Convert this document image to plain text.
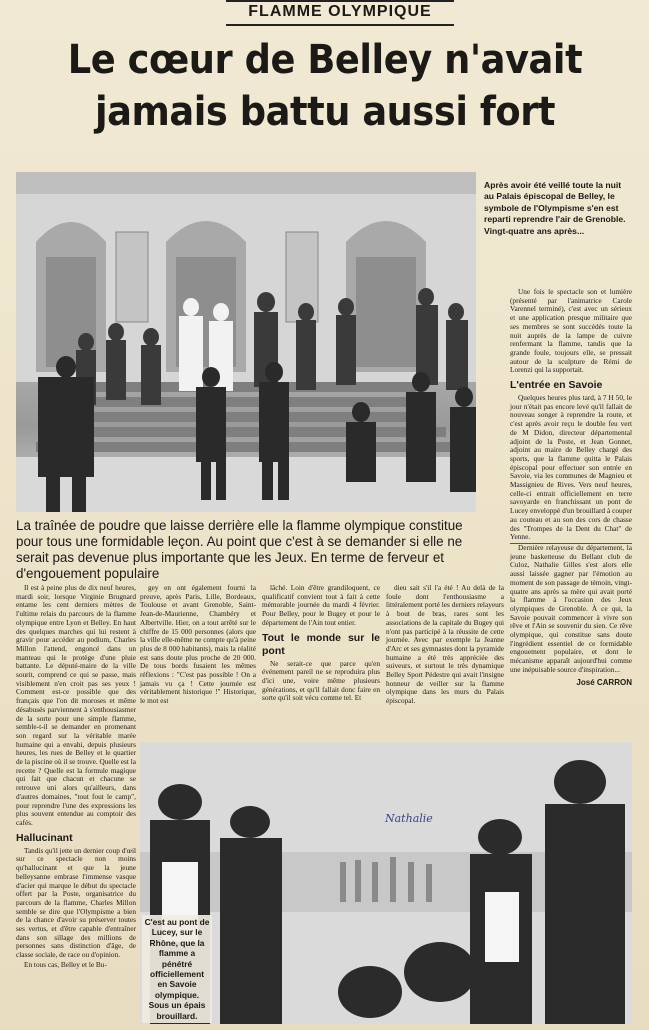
FLAMME OLYMPIQUE
Le cœur de Belley n'avait jamais battu aussi fort
Après avoir été veillé toute la nuit au Palais épiscopal de Belley, le symbole de l'Olympisme s'en est reparti reprendre l'air de Grenoble. Vingt-quatre ans après...
La traînée de poudre que laisse derrière elle la flamme olympique constitue pour tous une formidable leçon. Au point que c'est à se demander si elle ne serait pas devenue plus importante que les Jeux. En terme de ferveur et d'engouement populaire

Il est à peine plus de dix neuf heures, mardi soir, lorsque Virginie Brugnard entame les cent derniers mètres de l'ultime relais du parcours de la flamme olympique entre Lyon et Belley. En haut des quelques marches qui lui restent à gravir pour accéder au podium, Charles Millon l'attend, engoncé dans un manteau qui le protège d'une pluie battante. Le député-maire de la ville sourit, comprend ce qui se passe, mais visiblement n'en croit pas ses yeux ! Comment est-ce possible que des français que l'on dit moroses et même désabusés parviennent à s'enthousiasmer de la sorte pour une simple flamme, semble-t-il se demander en promenant son regard sur la véritable marée humaine qui a envahi, depuis plusieurs heures, les rues de Belley et le quartier de la piscine où il se trouve. Quelle est la recette ? Quelle est la formule magique qui fait que chacun et chacune se retrouve uni alors qu'ailleurs, dans d'autres domaines, "tout fout le camp", pour reprendre l'une des expressions les plus souvent entendue au comptoir des cafés.

Hallucinant

Tandis qu'il jette un dernier coup d'œil sur ce spectacle non moins qu'hallucinant et que la jeune belleysanne embrase l'immense vasque d'acier qui marque le début du spectacle offert par la Poste, organisatrice du parcours de la flamme, Charles Millon semble se dire que l'Olympisme a bien de la chance d'avoir su préserver toutes ses vertus, et d'être capable d'entraîner dans son sillage des millions de personnes sans distinction d'âge, de classe sociale, de race ou d'opinion.

En tous cas, Belley et le Bu-

gey en ont également fourni la preuve, après Paris, Lille, Bordeaux, Toulouse et avant Grenoble, Saint-Jean-de-Maurienne, Chambéry et Albertville. Hier, on a tout arrêté sur le chiffre de 15 000 personnes (alors que la ville elle-même ne compte qu'à peine plus de 8 000 habitants), mais la réalité est sans doute plus proche de 20 000. De tous bords fusaient les mêmes réflexions : "C'est pas possible ! On a jamais vu ça ! Cette journée est véritablement historique !" Historique, le mot est

lâché. Loin d'être grandiloquent, ce qualificatif convient tout à fait à cette mémorable journée du mardi 4 février. Pour Belley, pour le Bugey et pour le département de l'Ain tout entier.

Tout le monde sur le pont

Ne serait-ce que parce qu'en événement pareil ne se reproduira plus d'ici une, voire même plusieurs générations, et qu'il fallait donc faire en sorte qu'il soit vécu comme tel. Et

dieu sait s'il l'a été ! Au delà de la foule dont l'enthousiasme a littéralement porté les derniers relayeurs à bout de bras, rares sont les associations de la capitale du Bugey qui n'ont pas participé à la réussite de cette journée. Avec par exemple la Jeanne d'Arc et ses gymnastes dont la pyramide humaine a été très appréciée des suiveurs, et surtout le très dynamique Belley Sport Pédestre qui avait l'insigne honneur de veiller sur la flamme olympique dans les murs du Palais épiscopal.

Une fois le spectacle son et lumière (présenté par l'animatrice Carole Varennel terminé), c'est avec un sérieux et une application presque militaire que ses membres se sont succédés toute la nuit auprès de la lampe de cuivre renfermant la flamme, tandis que la grande foule, toujours elle, se pressait autour de la sculpture de Rémi de Lorenzi qui la supportait.

L'entrée en Savoie

Quelques heures plus tard, à 7 H 50, le jour n'était pas encore levé qu'il fallait de nouveau songer à reprendre la route, et c'est après avoir reçu le double feu vert de M Didon, directeur départemental adjoint de la Poste, et Jean Gonnet, adjoint au maire de Belley chargé des sports, que la flamme quitta le Palais épiscopal pour effectuer son entrée en Savoie, via les communes de Magnieu et Massignieu de Rives. Vers neuf heures, celle-ci entrait officiellement en terre savoyarde en franchissant un pont de Lucey enveloppé d'un brouillard à couper au couteau et au son des cors de chasse des "Trompes de la Dent du Chat" de Yenne.

Dernière relayeuse du département, la jeune basketteuse du Bellant club de Culoz, Nathalie Gilles s'est alors elle aussi laissée gagner par l'émotion au moment de son passage de témoin, vingt-quatre ans après sa mère qui avait porté la flamme à l'occasion des Jeux olympiques de Grenoble. À ce qui, la Savoie pouvait commencer à vivre son rêve et l'Ain se souvenir du sien. Ce rêve olympique, qui constitue sans doute l'ingrédient essentiel de ce formidable engouement populaire, et dont le mécanisme apparaît aujourd'hui comme une inépuisable source d'inspiration...

José CARRON
Nathalie
C'est au pont de Lucey, sur le Rhône, que la flamme a pénétré officiellement en Savoie olympique. Sous un épais brouillard.
